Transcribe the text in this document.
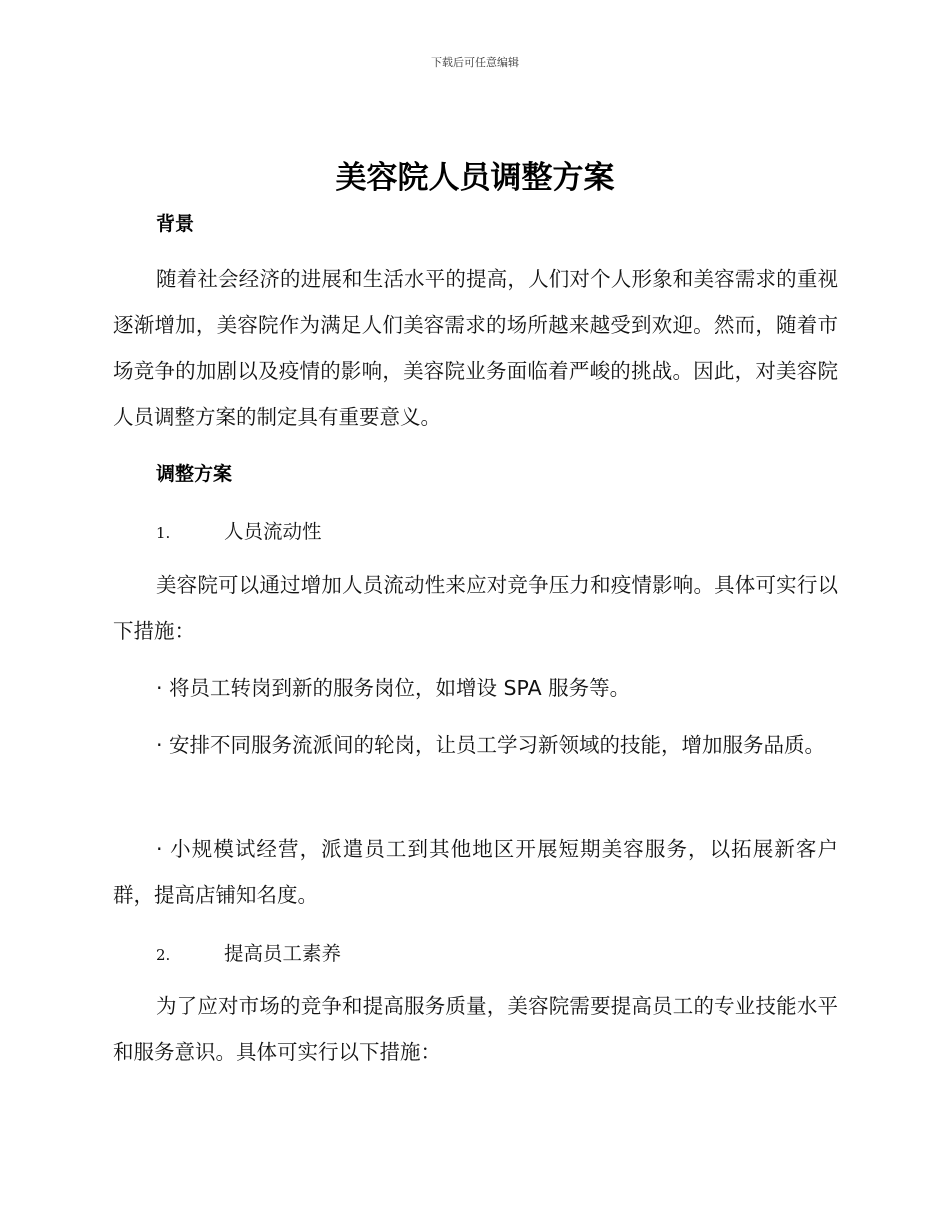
下载后可任意编辑
美容院人员调整方案
背景

随着社会经济的进展和生活水平的提高，人们对个人形象和美容需求的重视逐渐增加，美容院作为满足人们美容需求的场所越来越受到欢迎。然而，随着市场竞争的加剧以及疫情的影响，美容院业务面临着严峻的挑战。因此，对美容院人员调整方案的制定具有重要意义。

调整方案
1.	人员流动性

美容院可以通过增加人员流动性来应对竞争压力和疫情影响。具体可实行以下措施：

· 将员工转岗到新的服务岗位，如增设 SPA 服务等。

· 安排不同服务流派间的轮岗，让员工学习新领域的技能，增加服务品质。

· 小规模试经营，派遣员工到其他地区开展短期美容服务，以拓展新客户群，提高店铺知名度。

2.	提高员工素养

为了应对市场的竞争和提高服务质量，美容院需要提高员工的专业技能水平和服务意识。具体可实行以下措施：
